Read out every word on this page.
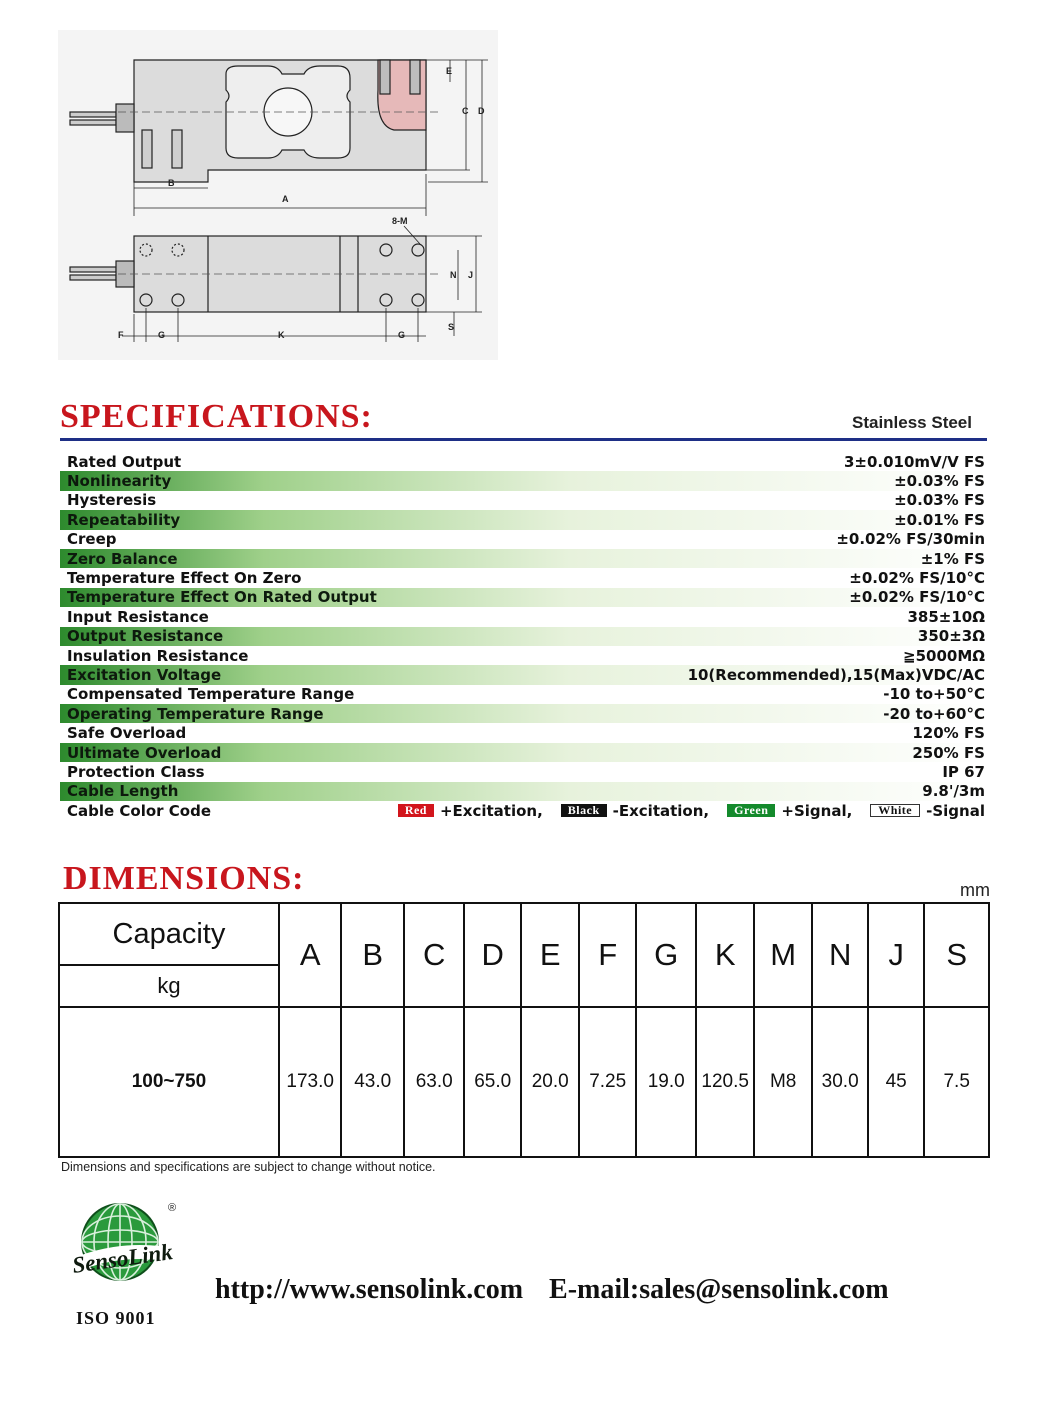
A
B
C D
E
F	G	K	G
8-M
N J
S
SPECIFICATIONS:	Stainless Steel
Rated Output	3±0.010mV/V FS
Nonlinearity	±0.03% FS
Hysteresis	±0.03% FS
Repeatability	±0.01% FS
Creep	±0.02% FS/30min
Zero Balance	±1% FS
Temperature Effect On Zero	±0.02% FS/10°C
Temperature Effect On Rated Output	±0.02% FS/10°C
Input Resistance	385±10Ω
Output Resistance	350±3Ω
Insulation Resistance	≧5000MΩ
Excitation Voltage	10(Recommended),15(Max)VDC/AC
Compensated Temperature Range	-10 to+50°C
Operating Temperature Range	-20 to+60°C
Safe Overload	120% FS
Ultimate Overload	250% FS
Protection Class	IP 67
Cable Length	9.8'/3m
Cable Color Code	Red +Excitation,	Black -Excitation,	Green +Signal,	White -Signal
DIMENSIONS:	mm
Capacity	A	B	C	D	E	F	G	K	M	N	J	S
kg												
100~750	173.0	43.0	63.0	65.0	20.0	7.25	19.0	120.5	M8	30.0	45	7.5
Dimensions and specifications are subject to change without notice.
SensoLink
®
ISO 9001
http://www.sensolink.com E-mail:sales@sensolink.com
